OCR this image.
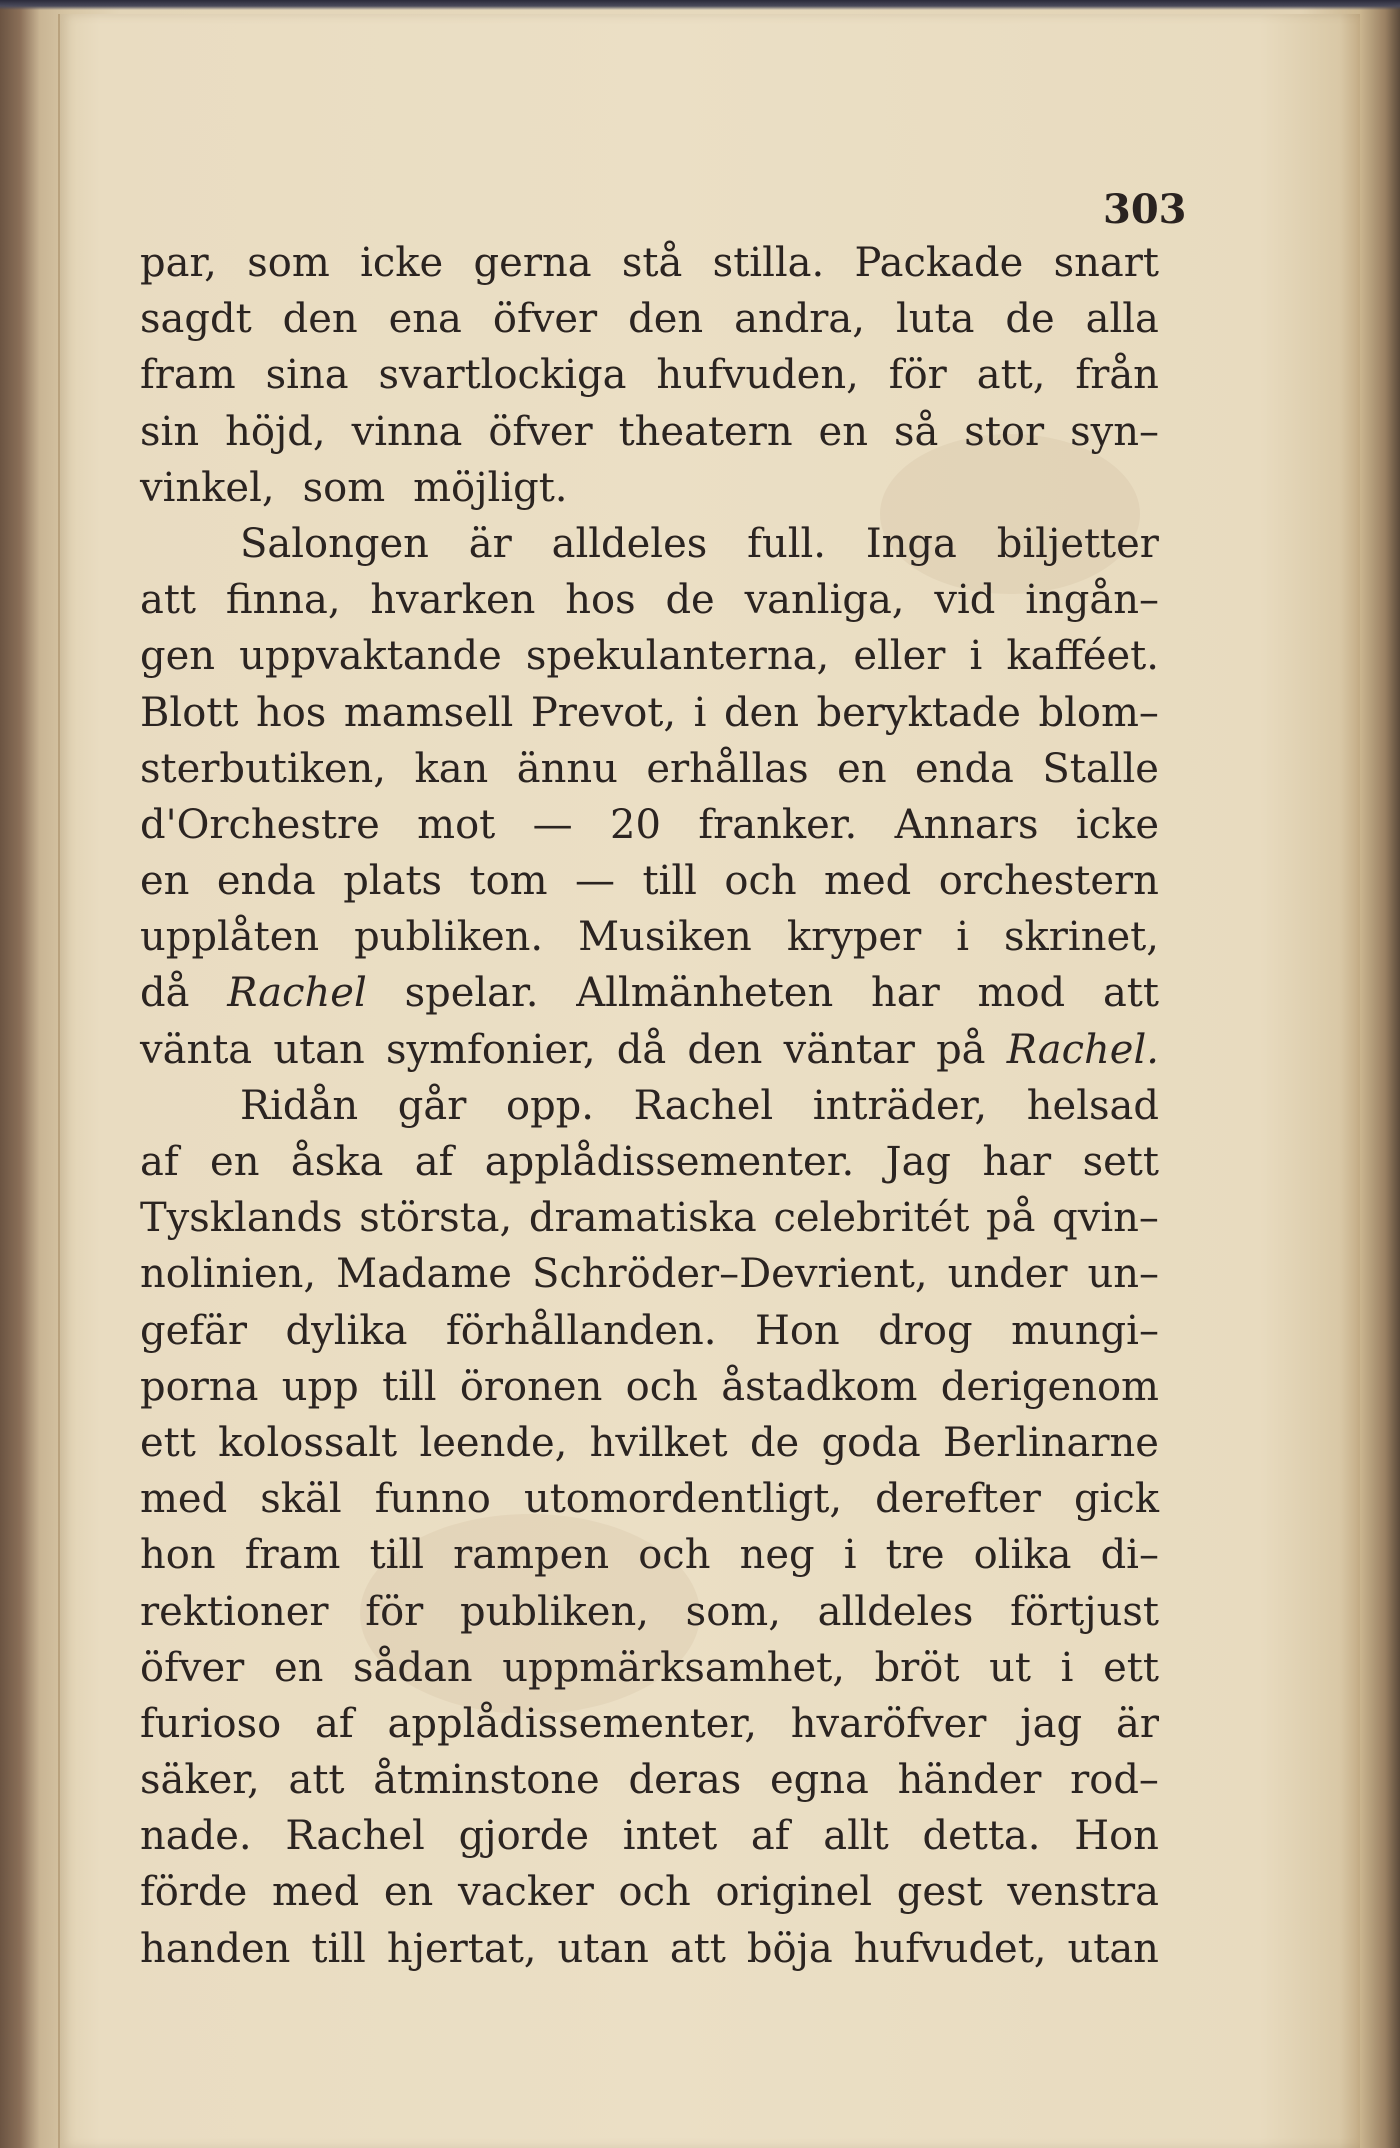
303
par, som icke gerna stå stilla. Packade snart
sagdt den ena öfver den andra, luta de alla
fram sina svartlockiga hufvuden, för att, från
sin höjd, vinna öfver theatern en så stor syn–
vinkel, som möjligt.
Salongen är alldeles full. Inga biljetter
att finna, hvarken hos de vanliga, vid ingån–
gen uppvaktande spekulanterna, eller i kafféet.
Blott hos mamsell Prevot, i den beryktade blom–
sterbutiken, kan ännu erhållas en enda Stalle
d'Orchestre mot — 20 franker. Annars icke
en enda plats tom — till och med orchestern
upplåten publiken. Musiken kryper i skrinet,
då Rachel spelar. Allmänheten har mod att
vänta utan symfonier, då den väntar på Rachel.
Ridån går opp. Rachel inträder, helsad
af en åska af applådissementer. Jag har sett
Tysklands största, dramatiska celebritét på qvin–
nolinien, Madame Schröder–Devrient, under un–
gefär dylika förhållanden. Hon drog mungi–
porna upp till öronen och åstadkom derigenom
ett kolossalt leende, hvilket de goda Berlinarne
med skäl funno utomordentligt, derefter gick
hon fram till rampen och neg i tre olika di–
rektioner för publiken, som, alldeles förtjust
öfver en sådan uppmärksamhet, bröt ut i ett
furioso af applådissementer, hvaröfver jag är
säker, att åtminstone deras egna händer rod–
nade. Rachel gjorde intet af allt detta. Hon
förde med en vacker och originel gest venstra
handen till hjertat, utan att böja hufvudet, utan
